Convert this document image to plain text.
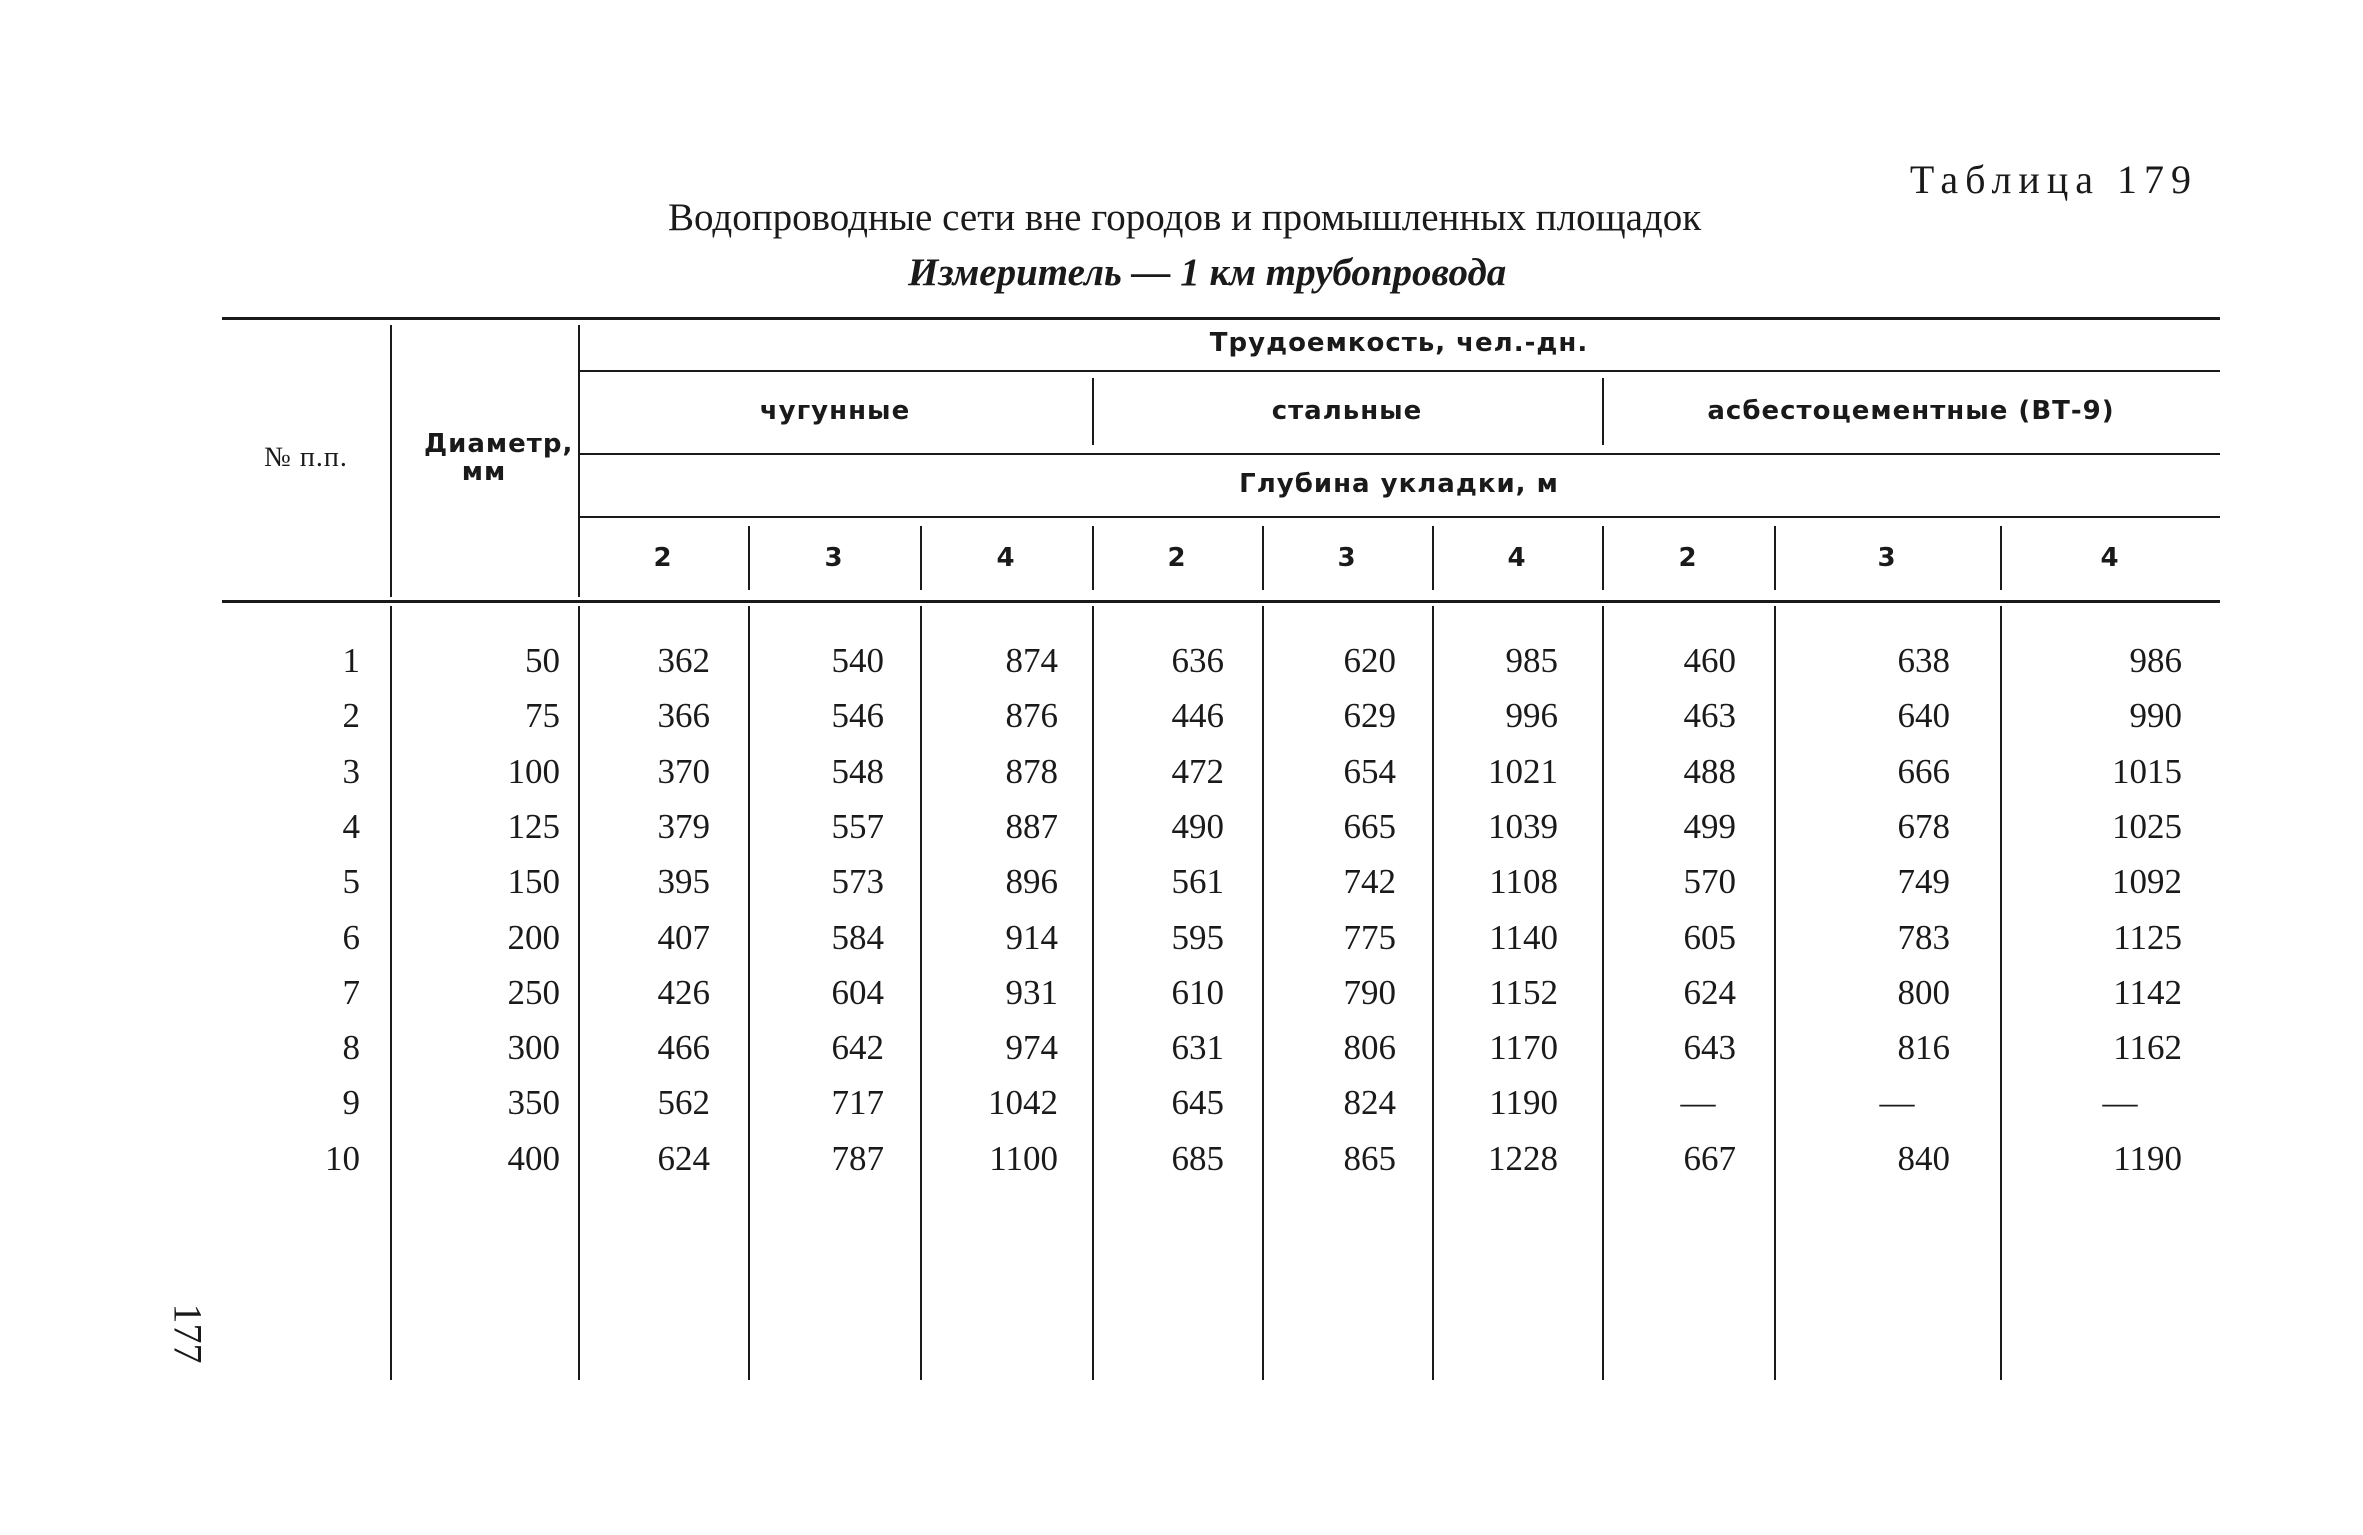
Таблица 179
Водопроводные сети вне городов и промышленных площадок
Измеритель — 1 км трубопровода
177
№ п.п.	Диаметр, мм
Трудоемкость, чел.-дн.
чугунные	стальные	асбестоцементные (ВТ-9)
Глубина укладки, м
2	3	4	2	3	4	2	3	4
1	50	362	540	874	636	620	985	460	638	986
2	75	366	546	876	446	629	996	463	640	990
3	100	370	548	878	472	654	1021	488	666	1015
4	125	379	557	887	490	665	1039	499	678	1025
5	150	395	573	896	561	742	1108	570	749	1092
6	200	407	584	914	595	775	1140	605	783	1125
7	250	426	604	931	610	790	1152	624	800	1142
8	300	466	642	974	631	806	1170	643	816	1162
9	350	562	717	1042	645	824	1190	—	—	—
10	400	624	787	1100	685	865	1228	667	840	1190
